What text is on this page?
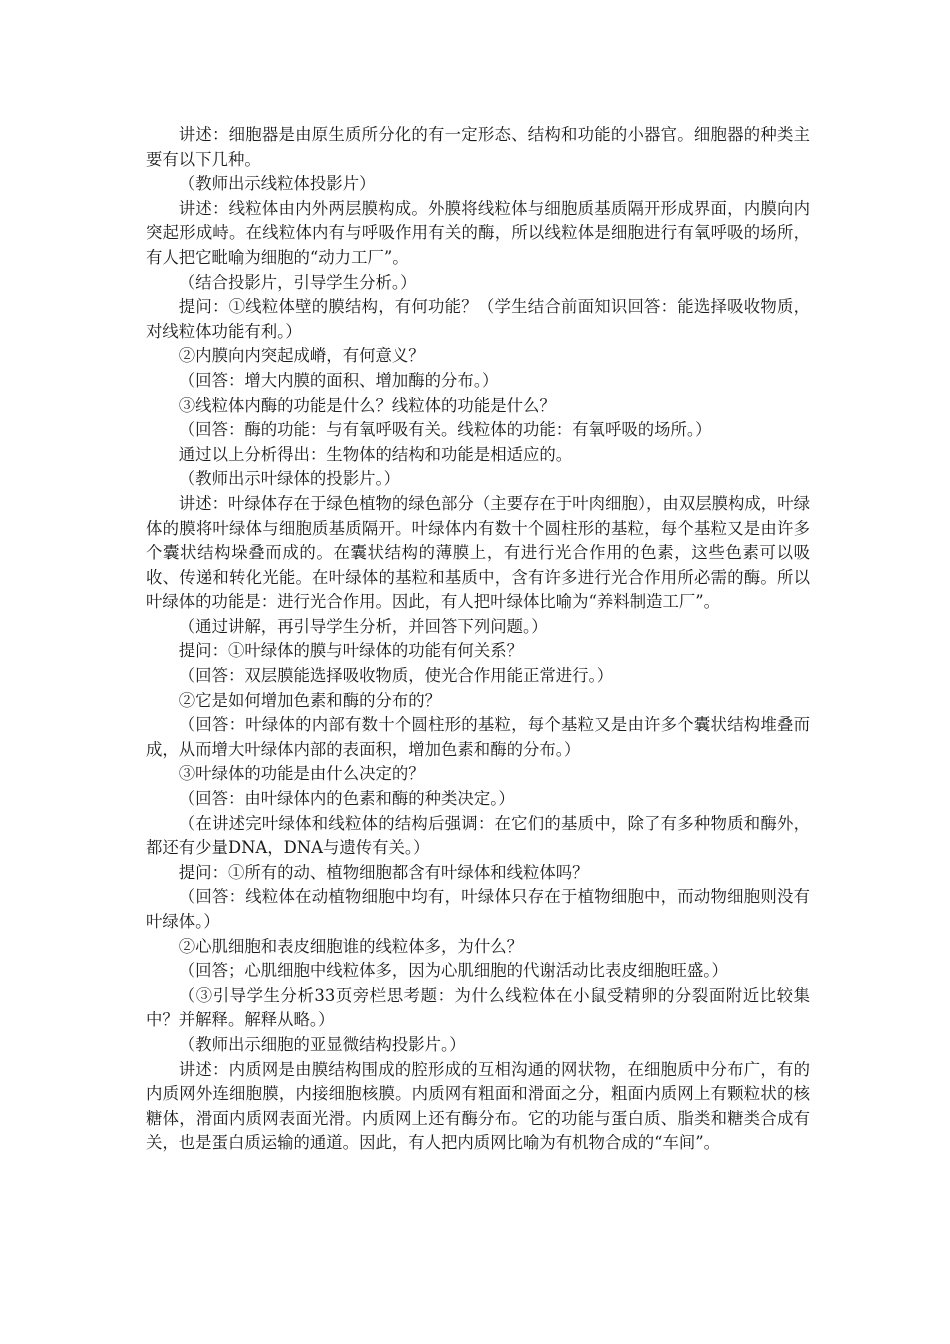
讲述：细胞器是由原生质所分化的有一定形态、结构和功能的小器官。细胞器的种类主要有以下几种。

（教师出示线粒体投影片）

讲述：线粒体由内外两层膜构成。外膜将线粒体与细胞质基质隔开形成界面，内膜向内突起形成峙。在线粒体内有与呼吸作用有关的酶，所以线粒体是细胞进行有氧呼吸的场所，有人把它毗喻为细胞的“动力工厂”。

（结合投影片，引导学生分析。）

提问：①线粒体壁的膜结构，有何功能？（学生结合前面知识回答：能选择吸收物质，对线粒体功能有利。）

②内膜向内突起成嵴，有何意义？

（回答：增大内膜的面积、增加酶的分布。）

③线粒体内酶的功能是什么？线粒体的功能是什么？

（回答：酶的功能：与有氧呼吸有关。线粒体的功能：有氧呼吸的场所。）

通过以上分析得出：生物体的结构和功能是相适应的。

（教师出示叶绿体的投影片。）

讲述：叶绿体存在于绿色植物的绿色部分（主要存在于叶肉细胞），由双层膜构成，叶绿体的膜将叶绿体与细胞质基质隔开。叶绿体内有数十个圆柱形的基粒，每个基粒又是由许多个囊状结构垛叠而成的。在囊状结构的薄膜上，有进行光合作用的色素，这些色素可以吸收、传递和转化光能。在叶绿体的基粒和基质中，含有许多进行光合作用所必需的酶。所以叶绿体的功能是：进行光合作用。因此，有人把叶绿体比喻为“养料制造工厂”。

（通过讲解，再引导学生分析，并回答下列问题。）

提问：①叶绿体的膜与叶绿体的功能有何关系？

（回答：双层膜能选择吸收物质，使光合作用能正常进行。）

②它是如何增加色素和酶的分布的？

（回答：叶绿体的内部有数十个圆柱形的基粒，每个基粒又是由许多个囊状结构堆叠而成，从而增大叶绿体内部的表面积，增加色素和酶的分布。）

③叶绿体的功能是由什么决定的？

（回答：由叶绿体内的色素和酶的种类决定。）

（在讲述完叶绿体和线粒体的结构后强调：在它们的基质中，除了有多种物质和酶外，都还有少量DNA，DNA与遗传有关。）

提问：①所有的动、植物细胞都含有叶绿体和线粒体吗？

（回答：线粒体在动植物细胞中均有，叶绿体只存在于植物细胞中，而动物细胞则没有叶绿体。）

②心肌细胞和表皮细胞谁的线粒体多，为什么？

（回答；心肌细胞中线粒体多，因为心肌细胞的代谢活动比表皮细胞旺盛。）

（③引导学生分析33页旁栏思考题：为什么线粒体在小鼠受精卵的分裂面附近比较集中？并解释。解释从略。）

（教师出示细胞的亚显微结构投影片。）

讲述：内质网是由膜结构围成的腔形成的互相沟通的网状物，在细胞质中分布广，有的内质网外连细胞膜，内接细胞核膜。内质网有粗面和滑面之分，粗面内质网上有颗粒状的核糖体，滑面内质网表面光滑。内质网上还有酶分布。它的功能与蛋白质、脂类和糖类合成有关，也是蛋白质运输的通道。因此，有人把内质网比喻为有机物合成的“车间”。
